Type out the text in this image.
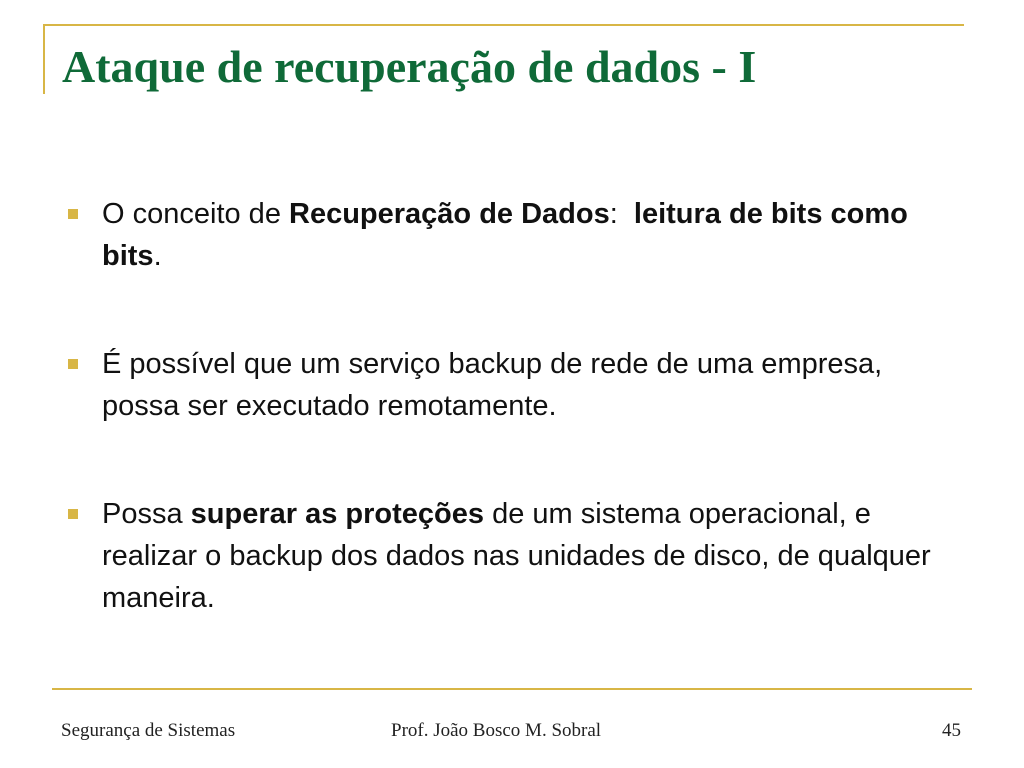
Ataque de recuperação de dados - I
O conceito de Recuperação de Dados:  leitura de bits como bits.
É possível que um serviço backup de rede de uma empresa, possa ser executado remotamente.
Possa superar as proteções de um sistema operacional, e realizar o backup dos dados nas unidades de disco, de qualquer maneira.
Segurança de Sistemas	Prof. João Bosco M. Sobral	45
